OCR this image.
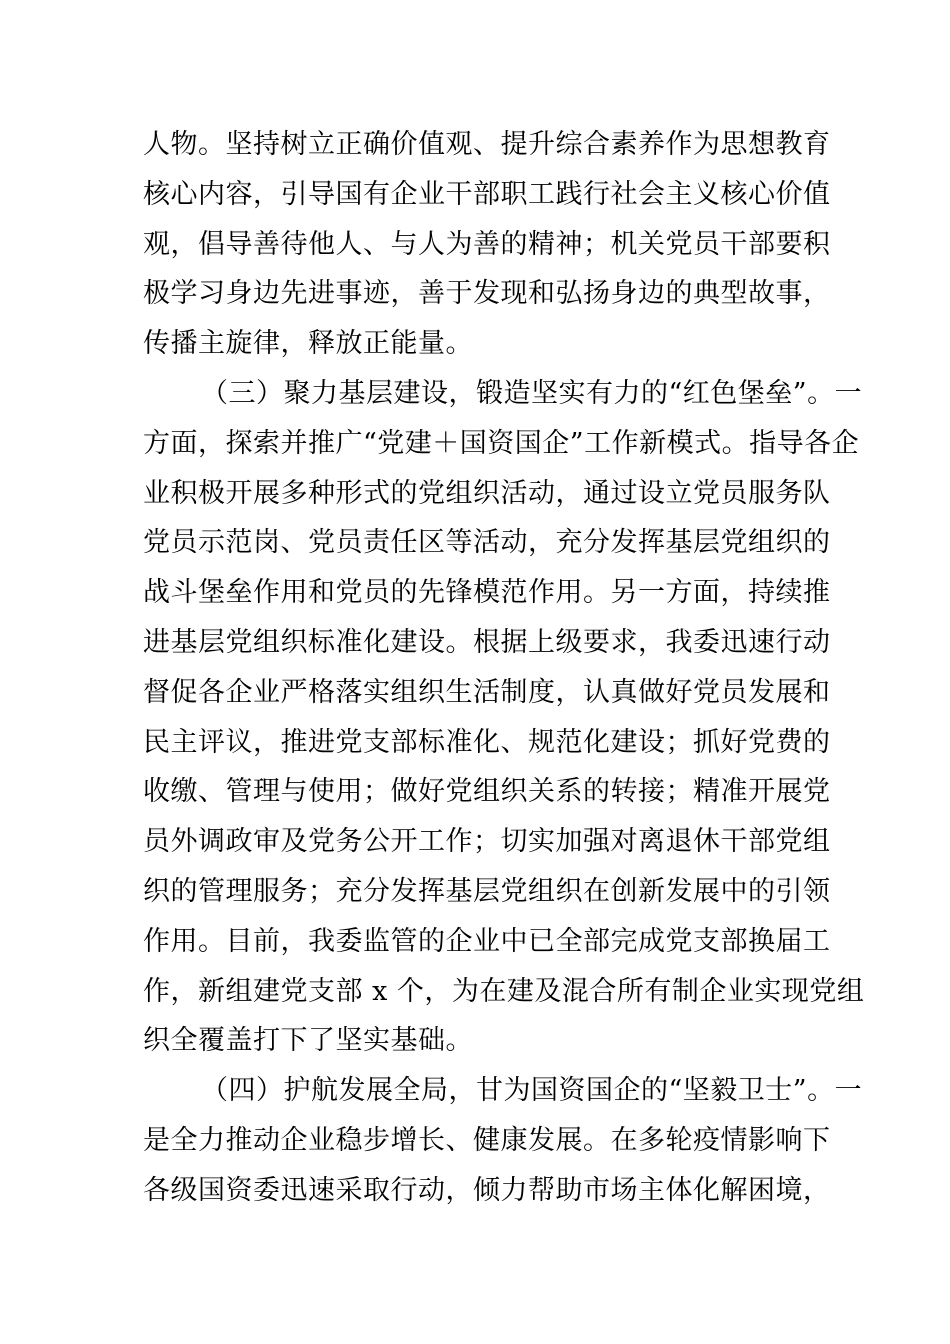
人物。坚持树立正确价值观、提升综合素养作为思想教育
核心内容，引导国有企业干部职工践行社会主义核心价值
观，倡导善待他人、与人为善的精神；机关党员干部要积
极学习身边先进事迹，善于发现和弘扬身边的典型故事，
传播主旋律，释放正能量。
（三）聚力基层建设，锻造坚实有力的“红色堡垒”。一
方面，探索并推广“党建＋国资国企”工作新模式。指导各企
业积极开展多种形式的党组织活动，通过设立党员服务队
党员示范岗、党员责任区等活动，充分发挥基层党组织的
战斗堡垒作用和党员的先锋模范作用。另一方面，持续推
进基层党组织标准化建设。根据上级要求，我委迅速行动
督促各企业严格落实组织生活制度，认真做好党员发展和
民主评议，推进党支部标准化、规范化建设；抓好党费的
收缴、管理与使用；做好党组织关系的转接；精准开展党
员外调政审及党务公开工作；切实加强对离退休干部党组
织的管理服务；充分发挥基层党组织在创新发展中的引领
作用。目前，我委监管的企业中已全部完成党支部换届工
作，新组建党支部 x 个，为在建及混合所有制企业实现党组
织全覆盖打下了坚实基础。
（四）护航发展全局，甘为国资国企的“坚毅卫士”。一
是全力推动企业稳步增长、健康发展。在多轮疫情影响下
各级国资委迅速采取行动，倾力帮助市场主体化解困境，
